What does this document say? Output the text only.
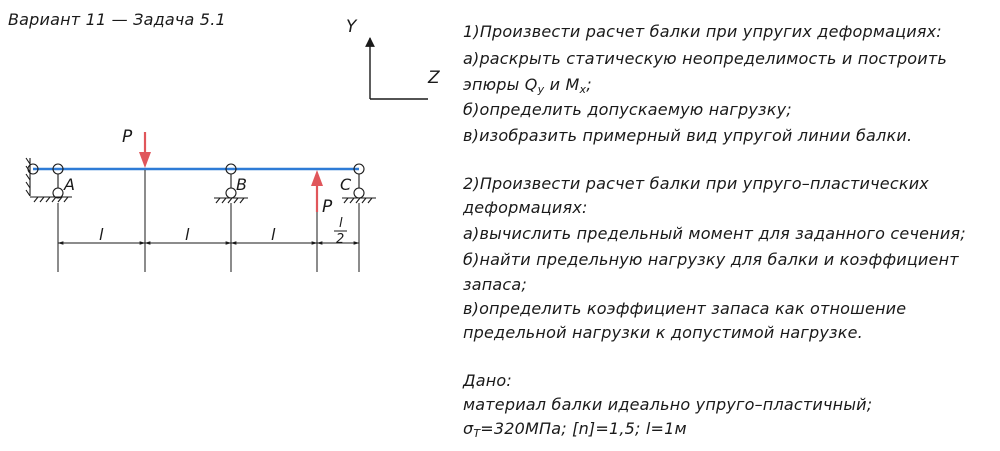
Вариант 11 — Задача 5.1	Y
Z
A	B	C
P
P
l	l	l
l
2
1)Произвести расчет балки при упругих деформациях:
а)раскрыть статическую неопределимость и построить
эпюры $Q_y$ и $M_x$;
б)определить допускаемую нагрузку;
в)изобразить примерный вид упругой линии балки.
2)Произвести расчет балки при упруго–пластических
деформациях:
а)вычислить предельный момент для заданного сечения;
б)найти предельную нагрузку для балки и коэффициент
запаса;
в)определить коэффициент запаса как отношение
предельной нагрузки к допустимой нагрузке.
Дано:
материал балки идеально упруго–пластичный;
$\sigma_T=320МПа$; [n]=1,5; l=1м
